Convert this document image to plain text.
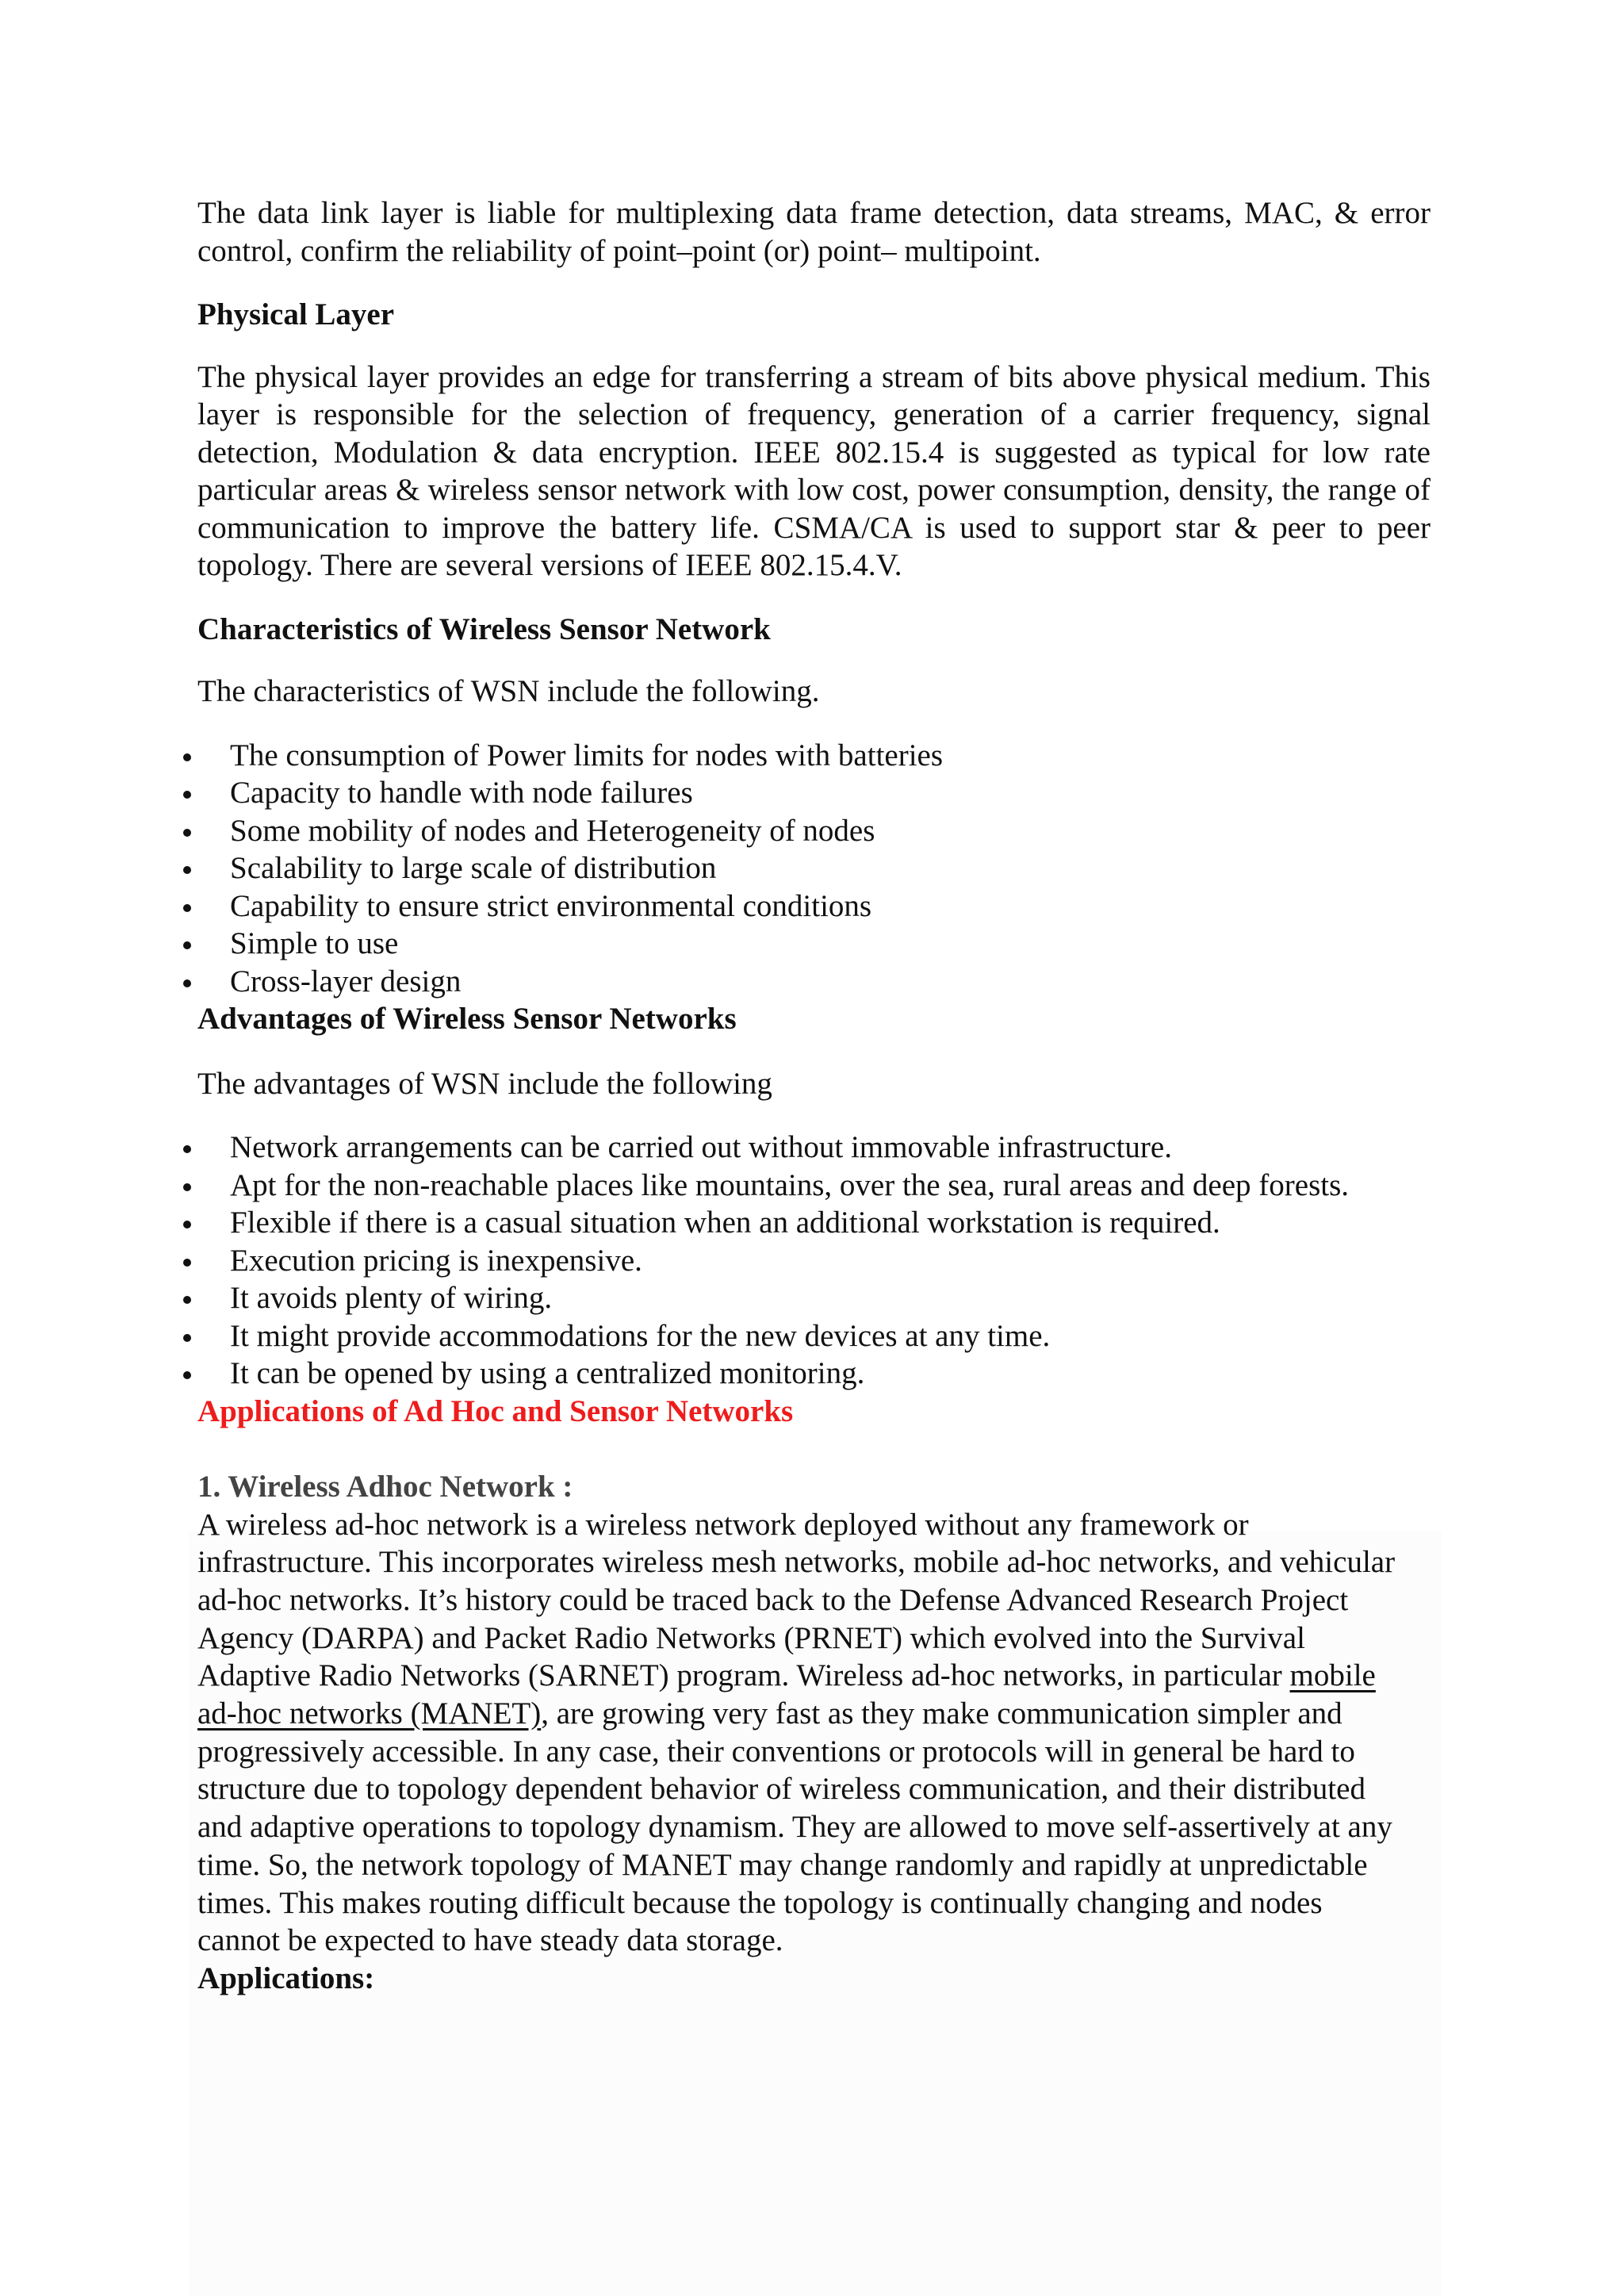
The data link layer is liable for multiplexing data frame detection, data streams, MAC, & error control, confirm the reliability of point–point (or) point– multipoint.

Physical Layer

The physical layer provides an edge for transferring a stream of bits above physical medium. This layer is responsible for the selection of frequency, generation of a carrier frequency, signal detection, Modulation & data encryption. IEEE 802.15.4 is suggested as typical for low rate particular areas & wireless sensor network with low cost, power consumption, density, the range of communication to improve the battery life. CSMA/CA is used to support star & peer to peer topology. There are several versions of IEEE 802.15.4.V.

Characteristics of Wireless Sensor Network

The characteristics of WSN include the following.

The consumption of Power limits for nodes with batteries
Capacity to handle with node failures
Some mobility of nodes and Heterogeneity of nodes
Scalability to large scale of distribution
Capability to ensure strict environmental conditions
Simple to use
Cross-layer design

Advantages of Wireless Sensor Networks

The advantages of WSN include the following

Network arrangements can be carried out without immovable infrastructure.
Apt for the non-reachable places like mountains, over the sea, rural areas and deep forests.
Flexible if there is a casual situation when an additional workstation is required.
Execution pricing is inexpensive.
It avoids plenty of wiring.
It might provide accommodations for the new devices at any time.
It can be opened by using a centralized monitoring.

Applications of Ad Hoc and Sensor Networks

1. Wireless Adhoc Network :

A wireless ad-hoc network is a wireless network deployed without any framework or infrastructure. This incorporates wireless mesh networks, mobile ad-hoc networks, and vehicular ad-hoc networks. It’s history could be traced back to the Defense Advanced Research Project Agency (DARPA) and Packet Radio Networks (PRNET) which evolved into the Survival Adaptive Radio Networks (SARNET) program. Wireless ad-hoc networks, in particular mobile ad-hoc networks (MANET), are growing very fast as they make communication simpler and progressively accessible. In any case, their conventions or protocols will in general be hard to structure due to topology dependent behavior of wireless communication, and their distributed and adaptive operations to topology dynamism. They are allowed to move self-assertively at any time. So, the network topology of MANET may change randomly and rapidly at unpredictable times. This makes routing difficult because the topology is continually changing and nodes cannot be expected to have steady data storage.

Applications:
